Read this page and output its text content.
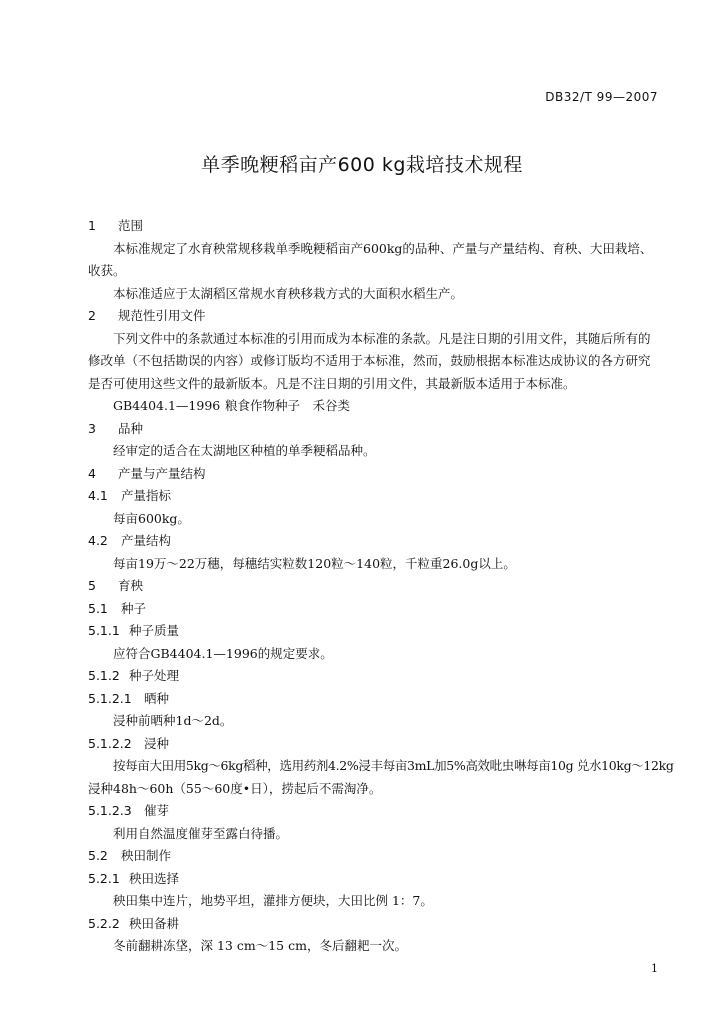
DB32/T 99—2007
单季晚粳稻亩产600 kg栽培技术规程
1 范围
本标准规定了水育秧常规移栽单季晚粳稻亩产600kg的品种、产量与产量结构、育秧、大田栽培、
收获。
本标准适应于太湖稻区常规水育秧移栽方式的大面积水稻生产。
2 规范性引用文件
下列文件中的条款通过本标准的引用而成为本标准的条款。凡是注日期的引用文件，其随后所有的
修改单（不包括勘误的内容）或修订版均不适用于本标准，然而，鼓励根据本标准达成协议的各方研究
是否可使用这些文件的最新版本。凡是不注日期的引用文件，其最新版本适用于本标准。
GB4404.1—1996 粮食作物种子　禾谷类
3 品种
经审定的适合在太湖地区种植的单季粳稻品种。
4 产量与产量结构
4.1 产量指标
每亩600kg。
4.2 产量结构
每亩19万～22万穗，每穗结实粒数120粒～140粒，千粒重26.0g以上。
5 育秧
5.1 种子
5.1.1 种子质量
应符合GB4404.1—1996的规定要求。
5.1.2 种子处理
5.1.2.1 晒种
浸种前晒种1d～2d。
5.1.2.2 浸种
按每亩大田用5kg～6kg稻种，选用药剂4.2%浸丰每亩3mL加5%高效吡虫啉每亩10g 兑水10kg～12kg
浸种48h～60h（55～60度•日），捞起后不需淘净。
5.1.2.3 催芽
利用自然温度催芽至露白待播。
5.2 秧田制作
5.2.1 秧田选择
秧田集中连片，地势平坦，灌排方便块，大田比例 1：7。
5.2.2 秧田备耕
冬前翻耕冻垡，深 13 cm～15 cm，冬后翻耙一次。
1
